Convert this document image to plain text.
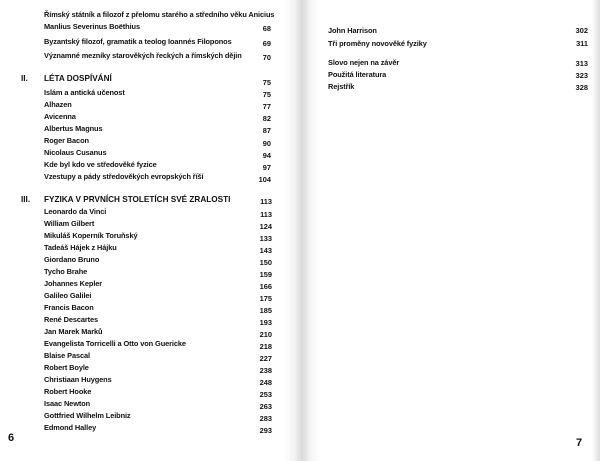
Římský státník a filozof z přelomu starého a středního věku Anicius
Manlius Severinus Boëthius	68
Byzantský filozof, gramatik a teolog Ioannés Filoponos	69
Významné mezníky starověkých řeckých a římských dějin	70
II. LÉTA DOSPÍVÁNÍ	75
Islám a antická učenost	75
Alhazen	77
Avicenna	82
Albertus Magnus	87
Roger Bacon	90
Nicolaus Cusanus	94
Kde byl kdo ve středověké fyzice	97
Vzestupy a pády středověkých evropských říší	104
III. FYZIKA V PRVNÍCH STOLETÍCH SVÉ ZRALOSTI	113
Leonardo da Vinci	113
William Gilbert	124
Mikuláš Koperník Toruňský	133
Tadeáš Hájek z Hájku	143
Giordano Bruno	150
Tycho Brahe	159
Johannes Kepler	166
Galileo Galilei	175
Francis Bacon	185
René Descartes	193
Jan Marek Marků	210
Evangelista Torricelli a Otto von Guericke	218
Blaise Pascal	227
Robert Boyle	238
Christiaan Huygens	248
Robert Hooke	253
Isaac Newton	263
Gottfried Wilhelm Leibniz	283
Edmond Halley	293
6
John Harrison	302
Tři proměny novověké fyziky	311
Slovo nejen na závěr	313
Použitá literatura	323
Rejstřík	328
7
